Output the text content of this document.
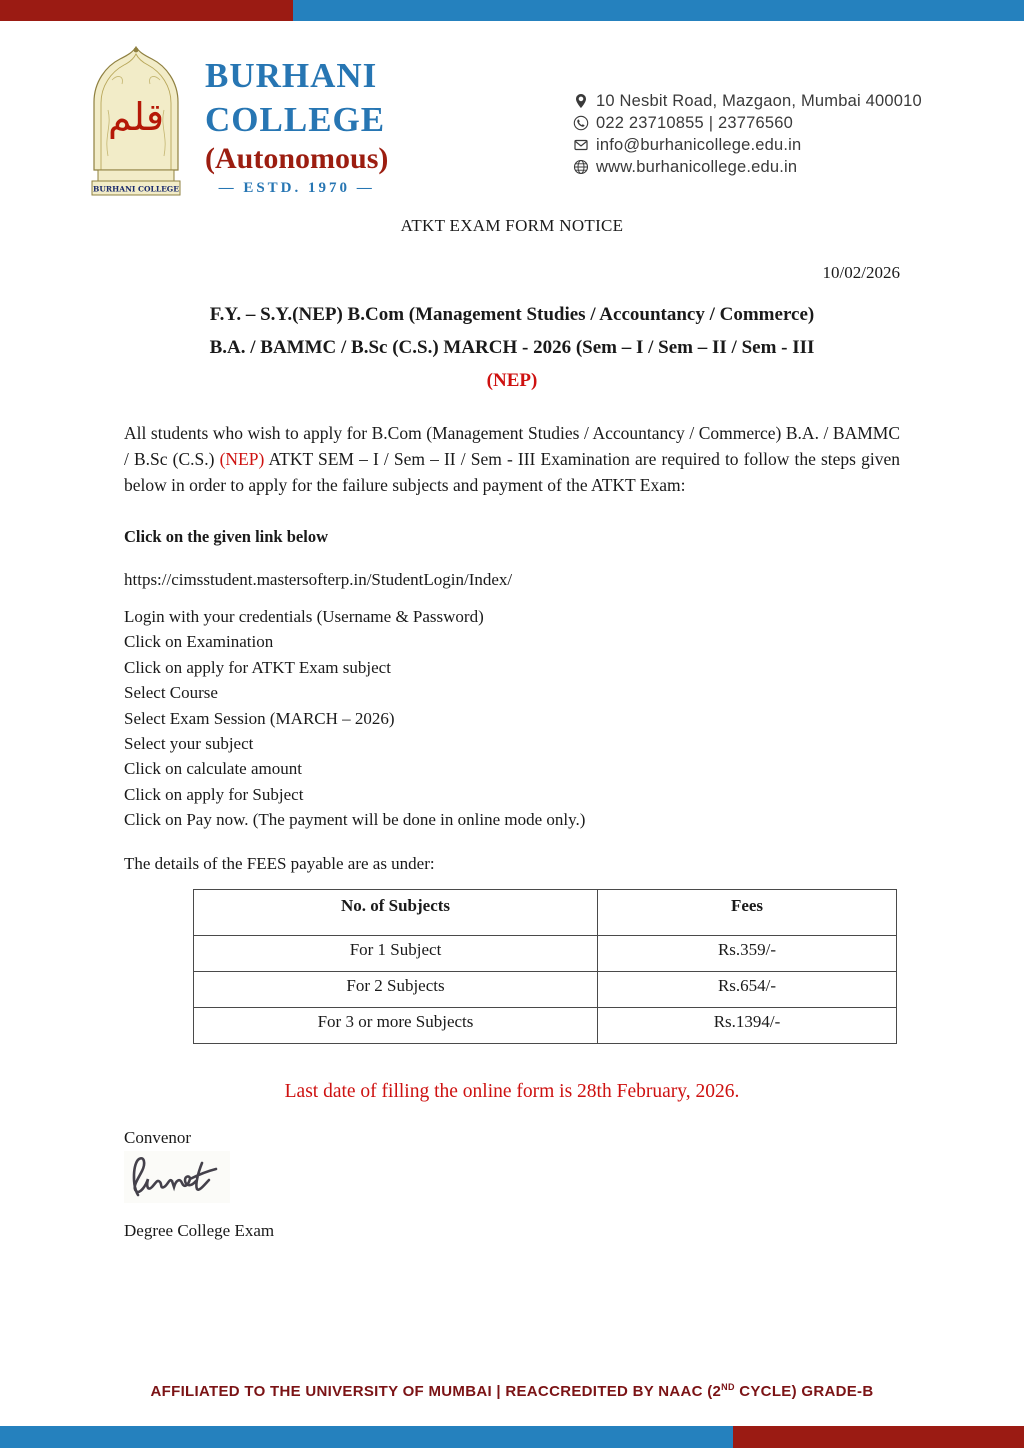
قلم
BURHANI COLLEGE
BURHANI
COLLEGE
(Autonomous)
— ESTD. 1970 —
10 Nesbit Road, Mazgaon, Mumbai 400010
022 23710855 | 23776560
info@burhanicollege.edu.in
www.burhanicollege.edu.in
ATKT EXAM FORM NOTICE
10/02/2026
F.Y. – S.Y.(NEP) B.Com (Management Studies / Accountancy / Commerce)
B.A. / BAMMC / B.Sc (C.S.) MARCH - 2026 (Sem – I / Sem – II / Sem - III
(NEP)

All students who wish to apply for B.Com (Management Studies / Accountancy / Commerce) B.A. / BAMMC / B.Sc (C.S.) (NEP) ATKT SEM – I / Sem – II / Sem - III Examination are required to follow the steps given below in order to apply for the failure subjects and payment of the ATKT Exam:

Click on the given link below
https://cimsstudent.mastersofterp.in/StudentLogin/Index/
Login with your credentials (Username & Password)
Click on Examination
Click on apply for ATKT Exam subject
Select Course
Select Exam Session (MARCH – 2026)
Select your subject
Click on calculate amount
Click on apply for Subject
Click on Pay now. (The payment will be done in online mode only.)
The details of the FEES payable are as under:
No. of Subjects	Fees
For 1 Subject	Rs.359/-
For 2 Subjects	Rs.654/-
For 3 or more Subjects	Rs.1394/-
Last date of filling the online form is 28th February, 2026.
Convenor
Degree College Exam
AFFILIATED TO THE UNIVERSITY OF MUMBAI | REACCREDITED BY NAAC (2ND CYCLE) GRADE-B
